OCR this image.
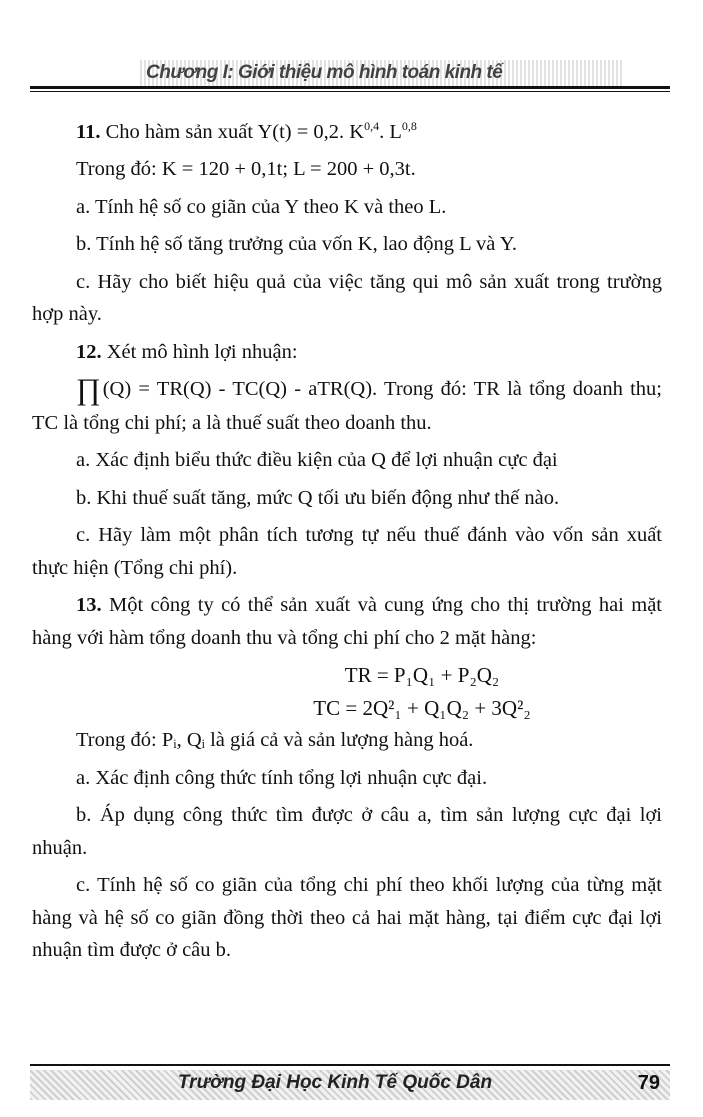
Chương I: Giới thiệu mô hình toán kinh tế

11. Cho hàm sản xuất Y(t) = 0,2. K$^{0,4}$. L$^{0,8}$

Trong đó: K = 120 + 0,1t; L = 200 + 0,3t.

a. Tính hệ số co giãn của Y theo K và theo L.

b. Tính hệ số tăng trưởng của vốn K, lao động L và Y.

c. Hãy cho biết hiệu quả của việc tăng qui mô sản xuất trong trường hợp này.

12. Xét mô hình lợi nhuận:

∏(Q) = TR(Q) - TC(Q) - aTR(Q). Trong đó: TR là tổng doanh thu; TC là tổng chi phí; a là thuế suất theo doanh thu.

a. Xác định biểu thức điều kiện của Q để lợi nhuận cực đại

b. Khi thuế suất tăng, mức Q tối ưu biến động như thế nào.

c. Hãy làm một phân tích tương tự nếu thuế đánh vào vốn sản xuất thực hiện (Tổng chi phí).

13. Một công ty có thể sản xuất và cung ứng cho thị trường hai mặt hàng với hàm tổng doanh thu và tổng chi phí cho 2 mặt hàng:

TR = P₁Q₁ + P₂Q₂

TC = 2Q²₁ + Q₁Q₂ + 3Q²₂

Trong đó: Pᵢ, Qᵢ là giá cả và sản lượng hàng hoá.

a. Xác định công thức tính tổng lợi nhuận cực đại.

b. Áp dụng công thức tìm được ở câu a, tìm sản lượng cực đại lợi nhuận.

c. Tính hệ số co giãn của tổng chi phí theo khối lượng của từng mặt hàng và hệ số co giãn đồng thời theo cả hai mặt hàng, tại điểm cực đại lợi nhuận tìm được ở câu b.

Trường Đại Học Kinh Tế Quốc Dân	79
